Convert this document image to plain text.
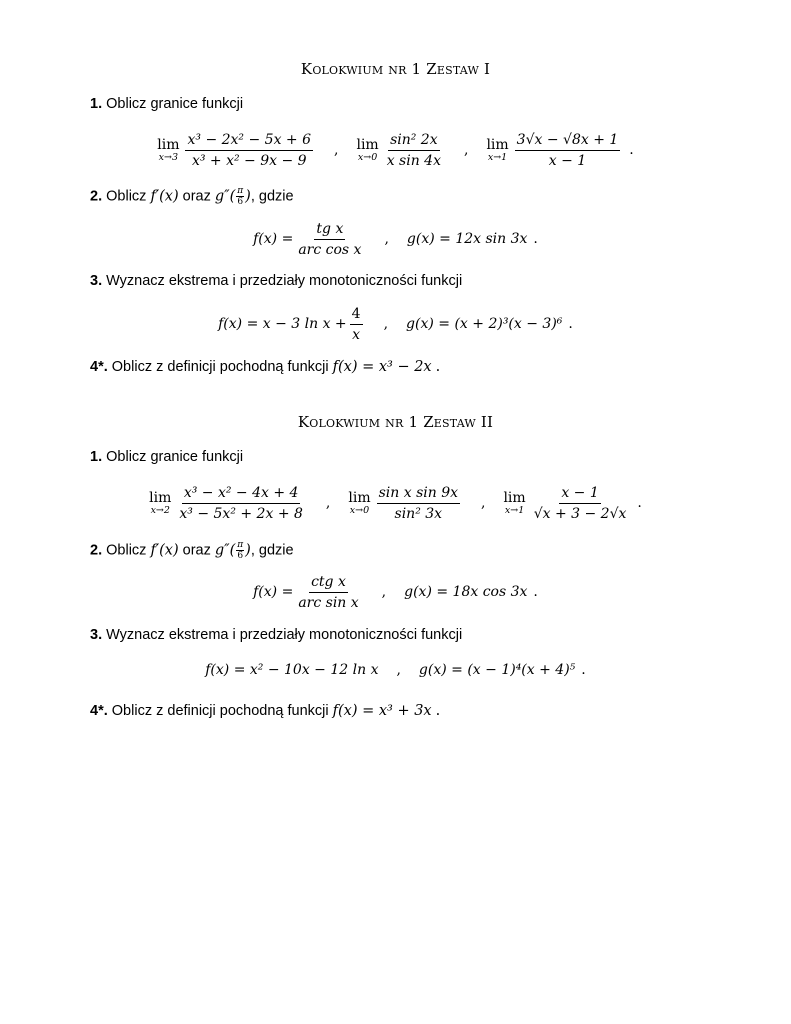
Kolokwium nr 1 Zestaw I
1. Oblicz granice funkcji
lim
$x\to 3 \frac{\text{x³ − 2x² − 5x + 6}}{\text{x³ + x² − 9x − 9}}$ , lim
$x\to 0 \frac{\text{sin² 2x}}{\text{x sin 4x}}$ , lim
$x\to 1 \frac{3√x - √8x + 1}{x - 1}$ .
2. Oblicz f′(x) oraz $g''( \frac{\pi}{6}$ ), gdzie
$f(x) = \frac{\text{tg x}}{\text{arc cos x}}$ , g(x) = 12x sin 3x .
3. Wyznacz ekstrema i przedziały monotoniczności funkcji
f(x) = x − 3 $\ln x + \frac{4}{x}$ , g(x) = (x + 2)³(x − 3)⁶ .
4*. Oblicz z definicji pochodną funkcji f(x) = x³ − 2x .
Kolokwium nr 1 Zestaw II
1. Oblicz granice funkcji
lim
$x\to 2 \frac{\text{x³ − x² − 4x + 4}}{\text{x³ − 5x² + 2x + 8}}$ , lim
$x\to 0 \frac{\text{sin x sin 9x}}{\text{sin² 3x}}$ , lim
$x\to 1 \frac{x - 1}{√x + 3 - 2√x}$ .
2. Oblicz f′(x) oraz $g''( \frac{\pi}{6}$ ), gdzie
$f(x) = \frac{\text{ctg x}}{\text{arc sin x}}$ , g(x) = 18x cos 3x .
3. Wyznacz ekstrema i przedziały monotoniczności funkcji
f(x) = x² − 10x − 12 ln x , g(x) = (x − 1)⁴(x + 4)⁵ .
4*. Oblicz z definicji pochodną funkcji f(x) = x³ + 3x .
